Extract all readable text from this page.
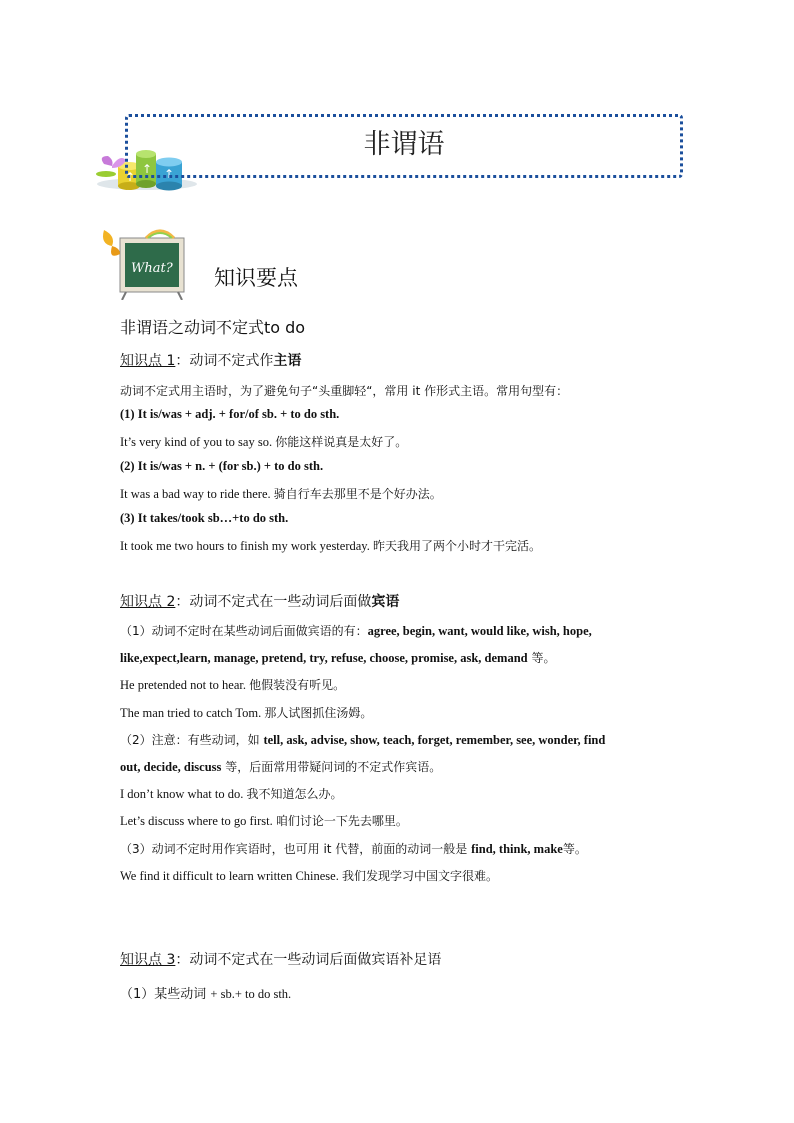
↑
↑ ↑
非谓语
What? 知识要点
非谓语之动词不定式to do
知识点 1：动词不定式作主语
动词不定式用主语时，为了避免句子“头重脚轻“，常用 it 作形式主语。常用句型有：
(1) It is/was + adj. + for/of sb. + to do sth.
It’s very kind of you to say so. 你能这样说真是太好了。
(2) It is/was + n. + (for sb.) + to do sth.
It was a bad way to ride there. 骑自行车去那里不是个好办法。
(3) It takes/took sb…+to do sth.
It took me two hours to finish my work yesterday. 昨天我用了两个小时才干完活。
知识点 2：动词不定式在一些动词后面做宾语
（1）动词不定时在某些动词后面做宾语的有：agree, begin, want, would like, wish, hope,
like,expect,learn, manage, pretend, try, refuse, choose, promise, ask, demand 等。
He pretended not to hear. 他假装没有听见。
The man tried to catch Tom. 那人试图抓住汤姆。
（2）注意：有些动词，如 tell, ask, advise, show, teach, forget, remember, see, wonder, find
out, decide, discuss 等，后面常用带疑问词的不定式作宾语。
I don’t know what to do. 我不知道怎么办。
Let’s discuss where to go first. 咱们讨论一下先去哪里。
（3）动词不定时用作宾语时，也可用 it 代替，前面的动词一般是 find, think, make等。
We find it difficult to learn written Chinese. 我们发现学习中国文字很难。
知识点 3：动词不定式在一些动词后面做宾语补足语
（1）某些动词 + sb.+ to do sth.
